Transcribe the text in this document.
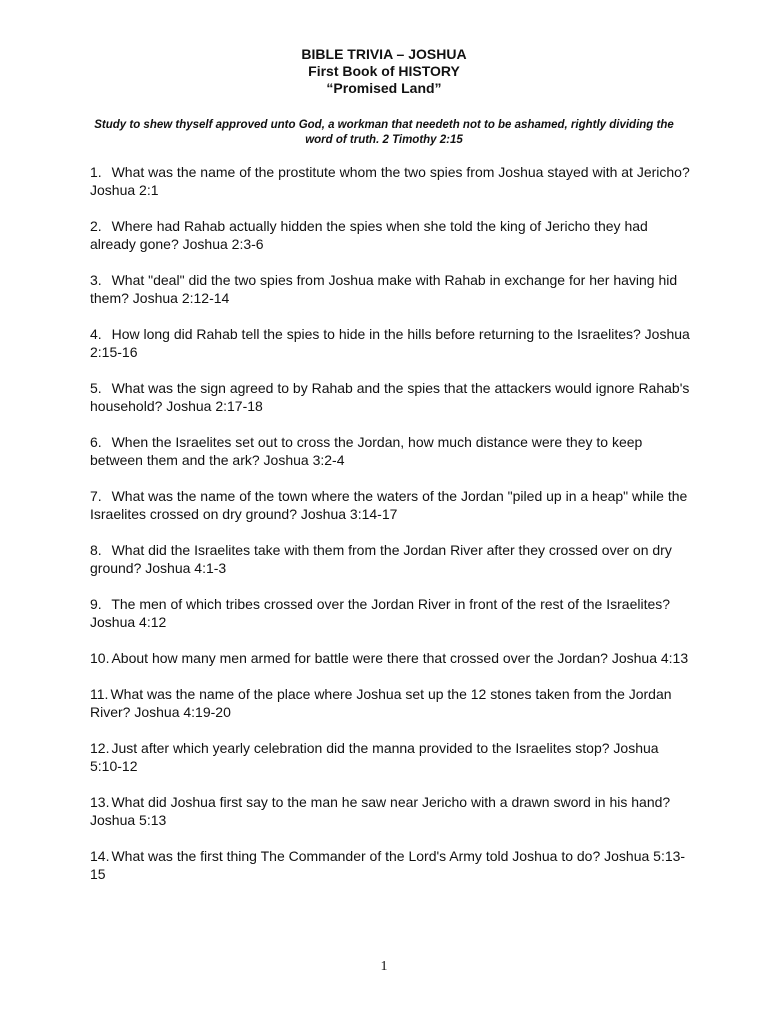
BIBLE TRIVIA – JOSHUA
First Book of HISTORY
“Promised Land”
Study to shew thyself approved unto God, a workman that needeth not to be ashamed, rightly dividing the word of truth. 2 Timothy 2:15
1. What was the name of the prostitute whom the two spies from Joshua stayed with at Jericho? Joshua 2:1
2. Where had Rahab actually hidden the spies when she told the king of Jericho they had already gone? Joshua 2:3-6
3. What "deal" did the two spies from Joshua make with Rahab in exchange for her having hid them? Joshua 2:12-14
4. How long did Rahab tell the spies to hide in the hills before returning to the Israelites? Joshua 2:15-16
5. What was the sign agreed to by Rahab and the spies that the attackers would ignore Rahab's household? Joshua 2:17-18
6. When the Israelites set out to cross the Jordan, how much distance were they to keep between them and the ark? Joshua 3:2-4
7. What was the name of the town where the waters of the Jordan "piled up in a heap" while the Israelites crossed on dry ground? Joshua 3:14-17
8. What did the Israelites take with them from the Jordan River after they crossed over on dry ground? Joshua 4:1-3
9. The men of which tribes crossed over the Jordan River in front of the rest of the Israelites? Joshua 4:12
10. About how many men armed for battle were there that crossed over the Jordan? Joshua 4:13
11. What was the name of the place where Joshua set up the 12 stones taken from the Jordan River? Joshua 4:19-20
12. Just after which yearly celebration did the manna provided to the Israelites stop? Joshua 5:10-12
13. What did Joshua first say to the man he saw near Jericho with a drawn sword in his hand? Joshua 5:13
14. What was the first thing The Commander of the Lord's Army told Joshua to do? Joshua 5:13-15
1
